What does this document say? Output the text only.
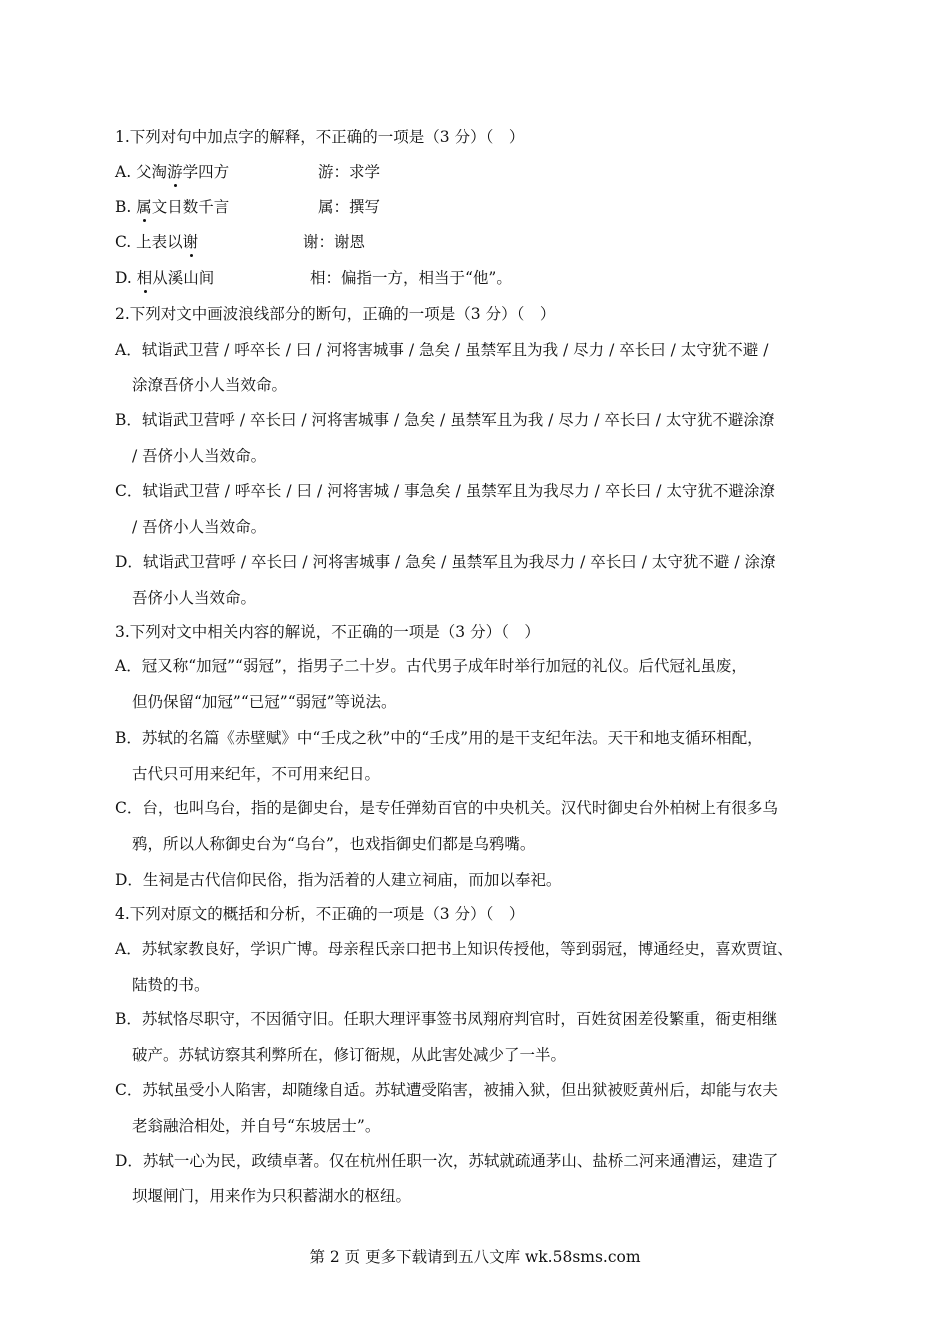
1.下列对句中加点字的解释，不正确的一项是（3 分）（　）
A. 父淘游学四方	游：求学
B. 属文日数千言	属：撰写
C. 上表以谢	谢：谢恩
D. 相从溪山间	相：偏指一方，相当于“他”。
2.下列对文中画波浪线部分的断句，正确的一项是（3 分）（　）
A．轼诣武卫营 / 呼卒长 / 曰 / 河将害城事 / 急矣 / 虽禁军且为我 / 尽力 / 卒长曰 / 太守犹不避 /
涂潦吾侪小人当效命。
B．轼诣武卫营呼 / 卒长曰 / 河将害城事 / 急矣 / 虽禁军且为我 / 尽力 / 卒长曰 / 太守犹不避涂潦
/ 吾侪小人当效命。
C．轼诣武卫营 / 呼卒长 / 曰 / 河将害城 / 事急矣 / 虽禁军且为我尽力 / 卒长曰 / 太守犹不避涂潦
/ 吾侪小人当效命。
D．轼诣武卫营呼 / 卒长曰 / 河将害城事 / 急矣 / 虽禁军且为我尽力 / 卒长曰 / 太守犹不避 / 涂潦
吾侪小人当效命。
3.下列对文中相关内容的解说，不正确的一项是（3 分）（　）
A．冠又称“加冠”“弱冠”，指男子二十岁。古代男子成年时举行加冠的礼仪。后代冠礼虽废，
但仍保留“加冠”“已冠”“弱冠”等说法。
B．苏轼的名篇《赤壁赋》中“壬戌之秋”中的“壬戌”用的是干支纪年法。天干和地支循环相配，
古代只可用来纪年，不可用来纪日。
C．台，也叫乌台，指的是御史台，是专任弹劾百官的中央机关。汉代时御史台外柏树上有很多乌
鸦，所以人称御史台为“乌台”，也戏指御史们都是乌鸦嘴。
D．生祠是古代信仰民俗，指为活着的人建立祠庙，而加以奉祀。
4.下列对原文的概括和分析，不正确的一项是（3 分）（　）
A．苏轼家教良好，学识广博。母亲程氏亲口把书上知识传授他，等到弱冠，博通经史，喜欢贾谊、
陆贽的书。
B．苏轼恪尽职守，不因循守旧。任职大理评事签书凤翔府判官时，百姓贫困差役繁重，衙吏相继
破产。苏轼访察其利弊所在，修订衙规，从此害处减少了一半。
C．苏轼虽受小人陷害，却随缘自适。苏轼遭受陷害，被捕入狱，但出狱被贬黄州后，却能与农夫
老翁融洽相处，并自号“东坡居士”。
D．苏轼一心为民，政绩卓著。仅在杭州任职一次，苏轼就疏通茅山、盐桥二河来通漕运，建造了
坝堰闸门，用来作为只积蓄湖水的枢纽。
第 2 页 更多下载请到五八文库 wk.58sms.com
